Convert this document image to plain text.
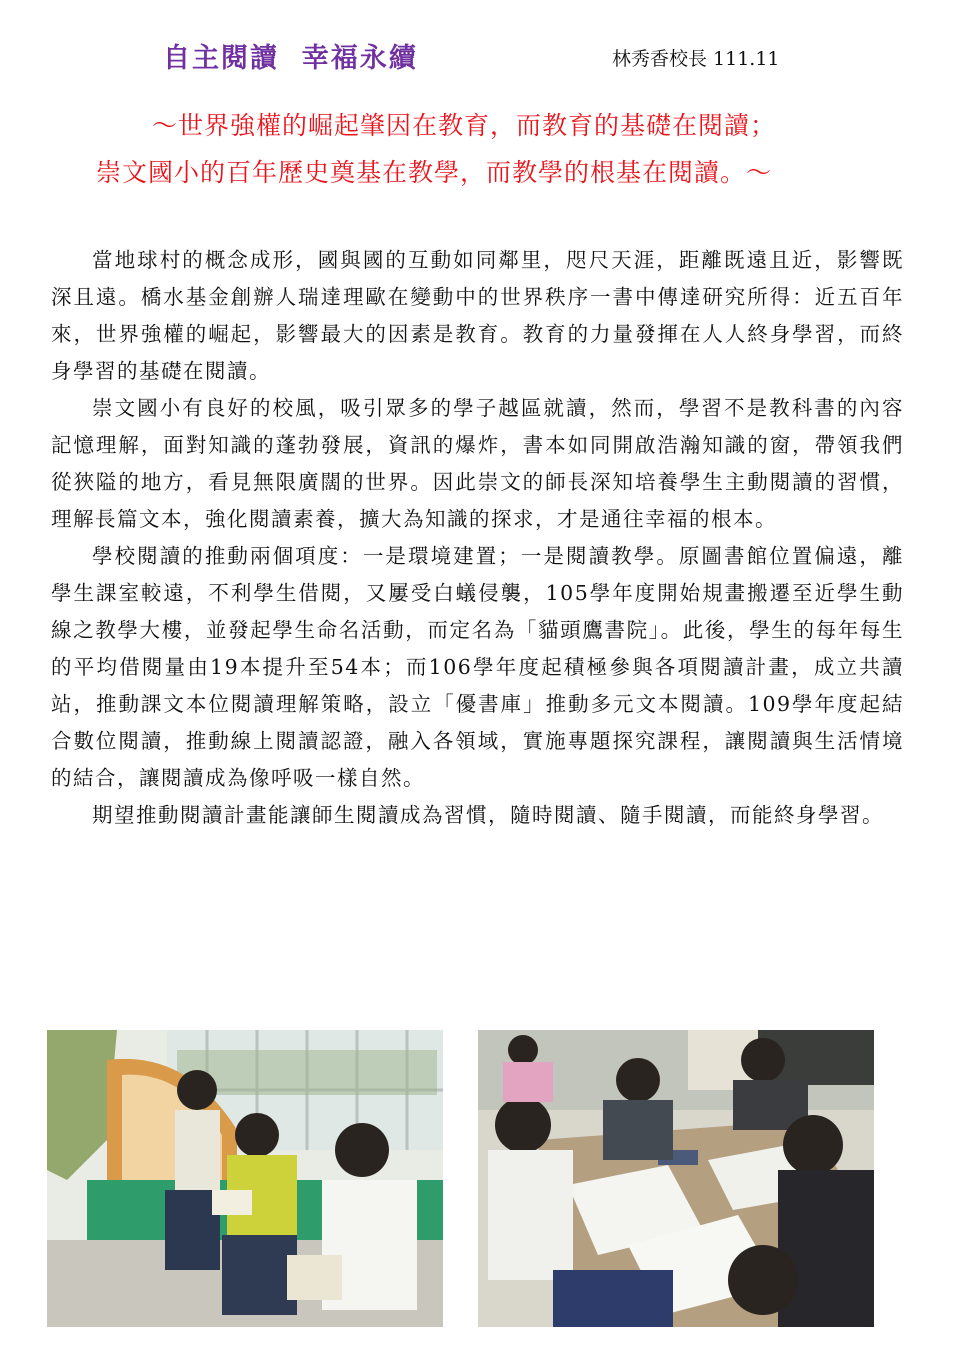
自主閱讀  幸福永續	林秀香校長 111.11
～世界強權的崛起肇因在教育，而教育的基礎在閱讀；
崇文國小的百年歷史奠基在教學，而教學的根基在閱讀。～

當地球村的概念成形，國與國的互動如同鄰里，咫尺天涯，距離既遠且近，影響既深且遠。橋水基金創辦人瑞達理歐在變動中的世界秩序一書中傳達研究所得：近五百年來，世界強權的崛起，影響最大的因素是教育。教育的力量發揮在人人終身學習，而終身學習的基礎在閱讀。

崇文國小有良好的校風，吸引眾多的學子越區就讀，然而，學習不是教科書的內容記憶理解，面對知識的蓬勃發展，資訊的爆炸，書本如同開啟浩瀚知識的窗，帶領我們從狹隘的地方，看見無限廣闊的世界。因此崇文的師長深知培養學生主動閱讀的習慣，理解長篇文本，強化閱讀素養，擴大為知識的探求，才是通往幸福的根本。

學校閱讀的推動兩個項度：一是環境建置；一是閱讀教學。原圖書館位置偏遠，離學生課室較遠，不利學生借閱，又屢受白蟻侵襲，105學年度開始規畫搬遷至近學生動線之教學大樓，並發起學生命名活動，而定名為「貓頭鷹書院」。此後，學生的每年每生的平均借閱量由19本提升至54本；而106學年度起積極參與各項閱讀計畫，成立共讀站，推動課文本位閱讀理解策略，設立「優書庫」推動多元文本閱讀。109學年度起結合數位閱讀，推動線上閱讀認證，融入各領域，實施專題探究課程，讓閱讀與生活情境的結合，讓閱讀成為像呼吸一樣自然。

期望推動閱讀計畫能讓師生閱讀成為習慣，隨時閱讀、隨手閱讀，而能終身學習。
